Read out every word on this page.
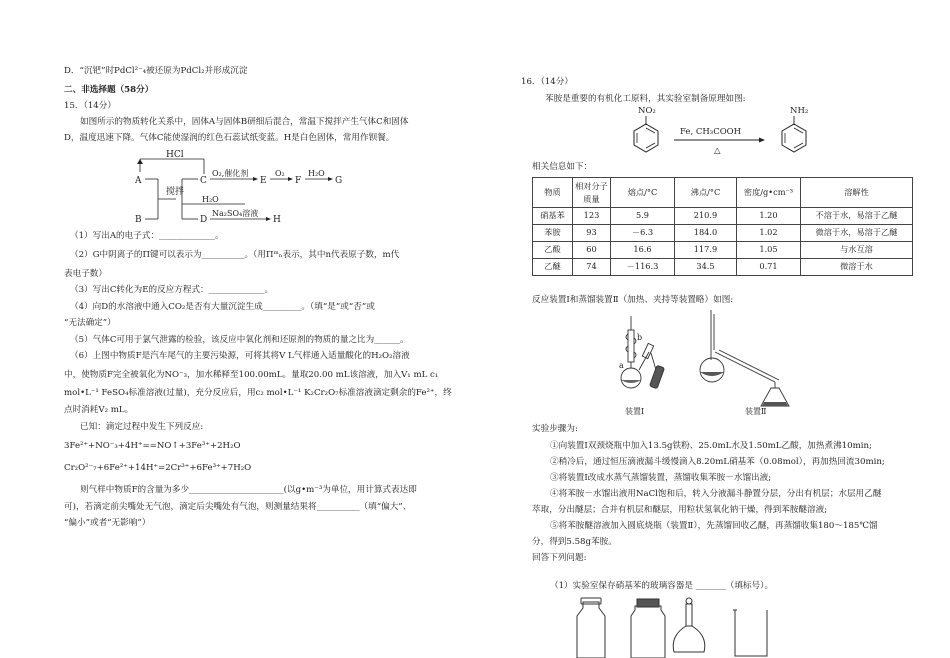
D．“沉钯”时PdCl²⁻₄被还原为PdCl₂并形成沉淀
二、非选择题（58分）
15．（14分）
如图所示的物质转化关系中，固体A与固体B研细后混合，常温下搅拌产生气体C和固体
D，温度迅速下降。气体C能使湿润的红色石蕊试纸变蓝。H是白色固体，常用作钡餐。
HCl
A
B
搅拌
C
D
O₂,催化剂
E
O₂
F
H₂O
G
H₂O
Na₂SO₄溶液
H
（1）写出A的电子式：_____________。
（2）G中阴离子的Π键可以表示为__________。（用Πᵐₙ表示，其中n代表原子数，m代
表电子数）
（3）写出C转化为E的反应方程式：_____________。
（4）向D的水溶液中通入CO₂是否有大量沉淀生成_________。（填“是”或“否”或
“无法确定”）
（5）气体C可用于氯气泄露的检验，该反应中氧化剂和还原剂的物质的量之比为______。
（6）上图中物质F是汽车尾气的主要污染源，可将其将V L气样通入适量酸化的H₂O₂溶液
中，使物质F完全被氧化为NO⁻₃，加水稀释至100.00mL。量取20.00 mL该溶液，加入V₁ mL c₁
mol•L⁻¹ FeSO₄标准溶液(过量)，充分反应后，用c₂ mol•L⁻¹ K₂Cr₂O₇标准溶液滴定剩余的Fe²⁺，终
点时消耗V₂ mL。
已知：滴定过程中发生下列反应:
3Fe²⁺+NO⁻₃+4H⁺==NO↑+3Fe³⁺+2H₂O
Cr₂O²⁻₇+6Fe²⁺+14H⁺=2Cr³⁺+6Fe³⁺+7H₂O
则气样中物质F的含量为多少______________________(以g•m⁻³为单位，用计算式表达即
可)，若滴定前尖嘴处无气泡，滴定后尖嘴处有气泡，则测量结果将__________（填“偏大”、
“偏小”或者“无影响”）
16．（14分）
苯胺是重要的有机化工原料，其实验室制备原理如图:
NO₂
Fe, CH₃COOH
△
NH₂
相关信息如下：
物质	相对分子质量	熔点/°C	沸点/°C	密度/g•cm⁻³	溶解性
硝基苯	123	5.9	210.9	1.20	不溶于水，易溶于乙醚
苯胺	93	－6.3	184.0	1.02	微溶于水，易溶于乙醚
乙酸	60	16.6	117.9	1.05	与水互溶
乙醚	74	－116.3	34.5	0.71	微溶于水
反应装置Ⅰ和蒸馏装置Ⅱ（加热、夹持等装置略）如图:
a
b
装置Ⅰ	装置Ⅱ
实验步骤为:
①向装置Ⅰ双颈烧瓶中加入13.5g铁粉、25.0mL水及1.50mL乙酸，加热煮沸10min;
②稍冷后，通过恒压滴液漏斗缓慢滴入8.20mL硝基苯（0.08mol），再加热回流30min;
③将装置Ⅰ改成水蒸气蒸馏装置，蒸馏收集苯胺－水馏出液;
④将苯胺－水馏出液用NaCl饱和后，转入分液漏斗静置分层，分出有机层；水层用乙醚
萃取，分出醚层；合并有机层和醚层，用粒状氢氧化钠干燥，得到苯胺醚溶液;
⑤将苯胺醚溶液加入圆底烧瓶（装置Ⅱ），先蒸馏回收乙醚，再蒸馏收集180～185℃馏
分，得到5.58g苯胺。
回答下列问题:
（1）实验室保存硝基苯的玻璃容器是 _______（填标号）。
